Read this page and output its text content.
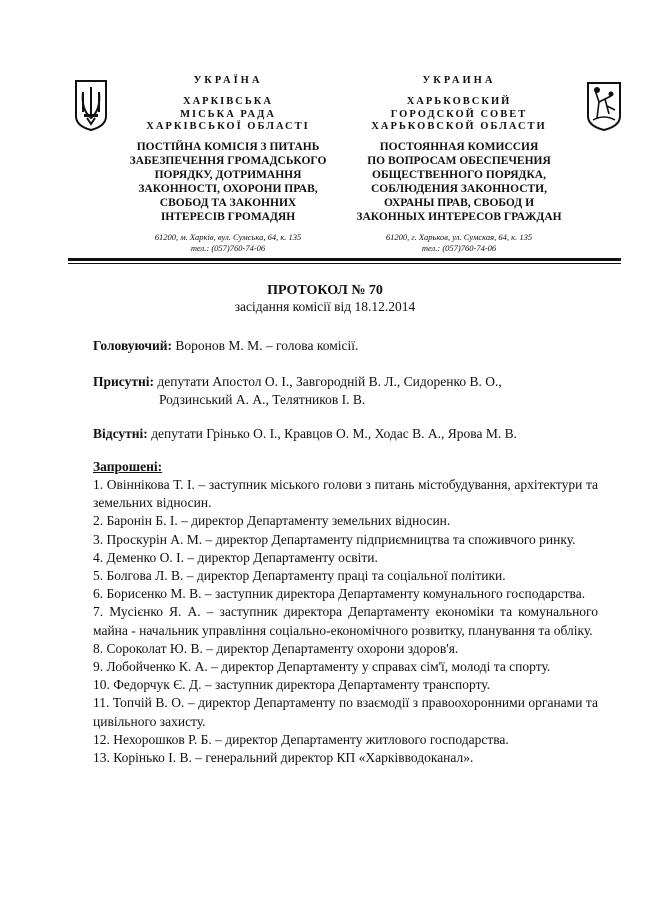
УКРАЇНА
ХАРКІВСЬКА
МІСЬКА РАДА
ХАРКІВСЬКОЇ ОБЛАСТІ
ПОСТІЙНА КОМІСІЯ З ПИТАНЬ
ЗАБЕЗПЕЧЕННЯ ГРОМАДСЬКОГО
ПОРЯДКУ, ДОТРИМАННЯ
ЗАКОННОСТІ, ОХОРОНИ ПРАВ,
СВОБОД ТА ЗАКОННИХ
ІНТЕРЕСІВ ГРОМАДЯН
61200, м. Харків, вул. Сумська, 64, к. 135
тел.: (057)760-74-06
УКРАИНА
ХАРЬКОВСКИЙ
ГОРОДСКОЙ СОВЕТ
ХАРЬКОВСКОЙ ОБЛАСТИ
ПОСТОЯННАЯ КОМИССИЯ
ПО ВОПРОСАМ ОБЕСПЕЧЕНИЯ
ОБЩЕСТВЕННОГО ПОРЯДКА,
СОБЛЮДЕНИЯ ЗАКОННОСТИ,
ОХРАНЫ ПРАВ, СВОБОД И
ЗАКОННЫХ ИНТЕРЕСОВ ГРАЖДАН
61200, г. Харьков, ул. Сумская, 64, к. 135
тел.: (057)760-74-06
ПРОТОКОЛ № 70
засідання комісії від 18.12.2014
Головуючий: Воронов М. М. – голова комісії.
Присутні: депутати Апостол О. І., Завгородній В. Л., Сидоренко В. О.,
Родзинський А. А., Телятников І. В.
Відсутні: депутати Грінько О. І., Кравцов О. М., Ходас В. А., Ярова М. В.
Запрошені:
1. Овіннікова Т. І. – заступник міського голови з питань містобудування, архітектури та земельних відносин.
2. Баронін Б. І. – директор Департаменту земельних відносин.
3. Проскурін А. М. – директор Департаменту підприємництва та споживчого ринку.
4. Деменко О. І. – директор Департаменту освіти.
5. Болгова Л. В. – директор Департаменту праці та соціальної політики.
6. Борисенко М. В. – заступник директора Департаменту комунального господарства.
7. Мусієнко Я. А. – заступник директора Департаменту економіки та комунального майна - начальник управління соціально-економічного розвитку, планування та обліку.
8. Сороколат Ю. В. – директор Департаменту охорони здоров'я.
9. Лобойченко К. А. – директор Департаменту у справах сім'ї, молоді та спорту.
10. Федорчук Є. Д. – заступник директора Департаменту транспорту.
11. Топчій В. О. – директор Департаменту по взаємодії з правоохоронними органами та цивільного захисту.
12. Нехорошков Р. Б. – директор Департаменту житлового господарства.
13. Корінько І. В. – генеральний директор КП «Харківводоканал».
